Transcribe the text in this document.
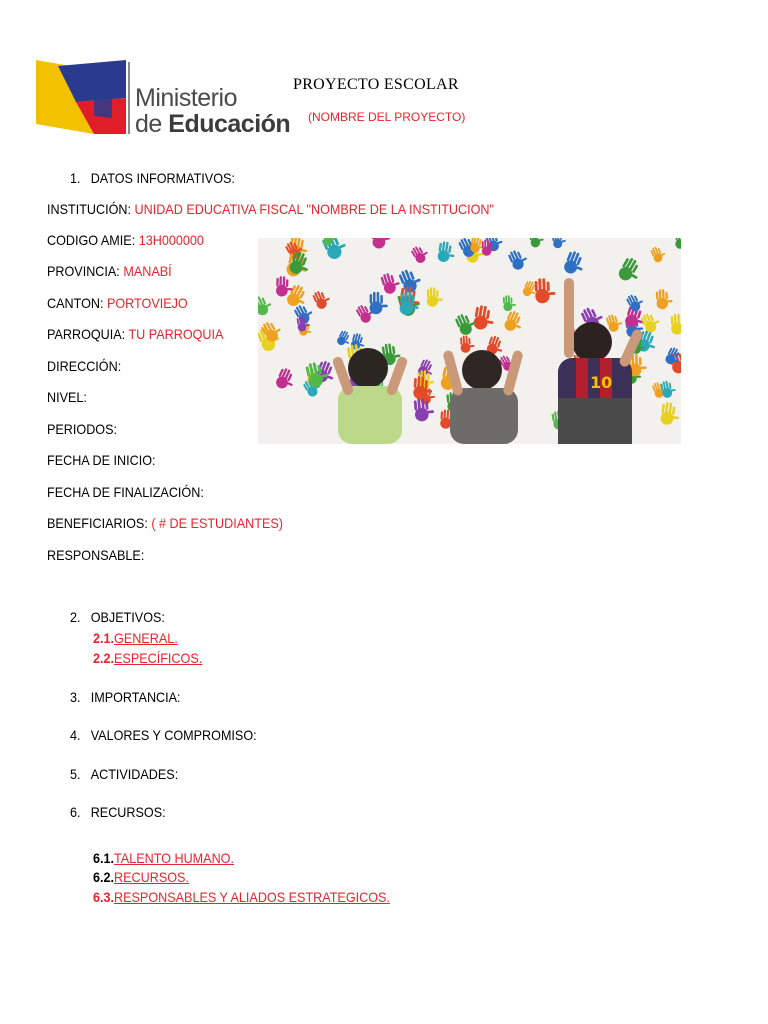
Ministerio
de Educación
PROYECTO ESCOLAR
(NOMBRE DEL PROYECTO)
1. DATOS INFORMATIVOS:
INSTITUCIÓN: UNIDAD EDUCATIVA FISCAL "NOMBRE DE LA INSTITUCION"
CODIGO AMIE: 13H000000
PROVINCIA: MANABÍ
CANTON: PORTOVIEJO
PARROQUIA: TU PARROQUIA
DIRECCIÓN:
NIVEL:
PERIODOS:
FECHA DE INICIO:
FECHA DE FINALIZACIÓN:
BENEFICIARIOS: ( # DE ESTUDIANTES)
RESPONSABLE:
10
2. OBJETIVOS:
2.1.GENERAL.
2.2.ESPECÍFICOS.
3. IMPORTANCIA:
4. VALORES Y COMPROMISO:
5. ACTIVIDADES:
6. RECURSOS:
6.1.TALENTO HUMANO.
6.2.RECURSOS.
6.3.RESPONSABLES Y ALIADOS ESTRATEGICOS.
